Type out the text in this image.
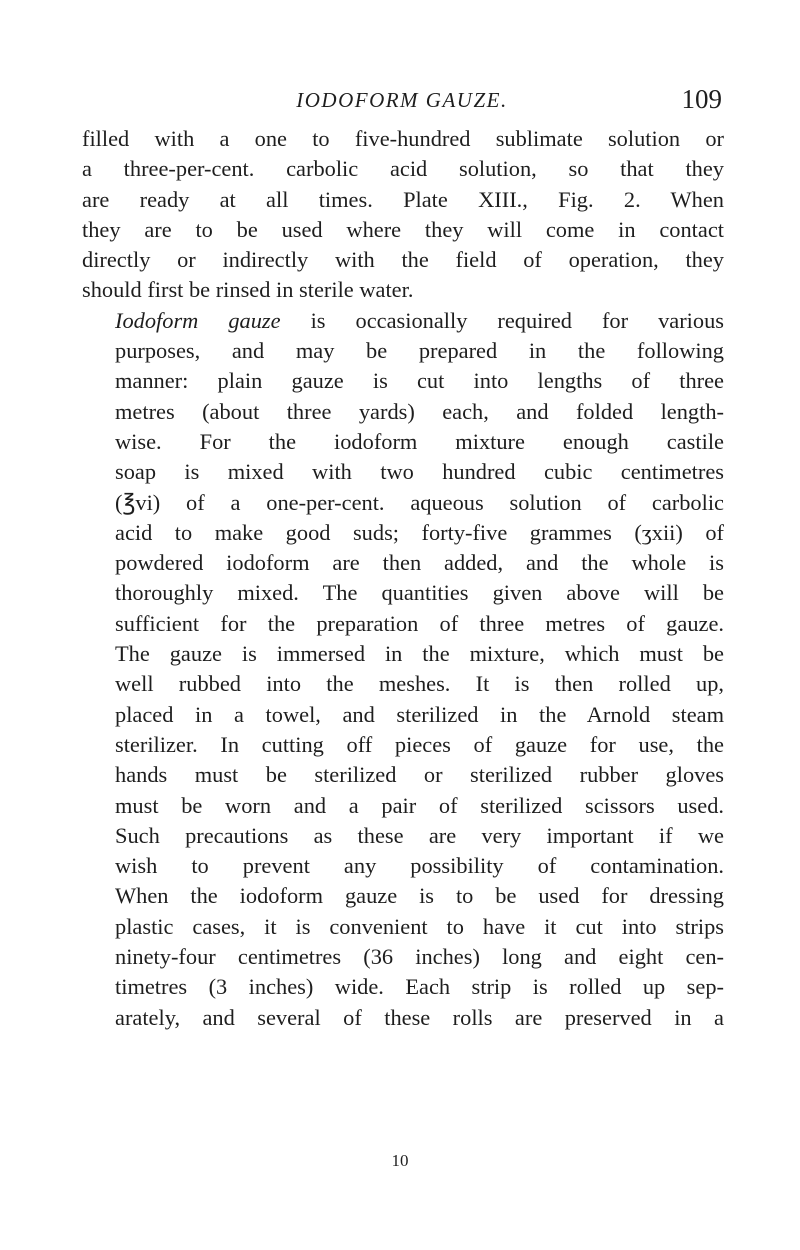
IODOFORM GAUZE.	109

filled with a one to five-hundred sublimate solution or
a three-per-cent. carbolic acid solution, so that they
are ready at all times. Plate XIII., Fig. 2. When
they are to be used where they will come in contact
directly or indirectly with the field of operation, they
should first be rinsed in sterile water.

Iodoform gauze is occasionally required for various
purposes, and may be prepared in the following
manner: plain gauze is cut into lengths of three
metres (about three yards) each, and folded length-
wise. For the iodoform mixture enough castile
soap is mixed with two hundred cubic centimetres
(℥vi) of a one-per-cent. aqueous solution of carbolic
acid to make good suds; forty-five grammes (ʒxii) of
powdered iodoform are then added, and the whole is
thoroughly mixed. The quantities given above will be
sufficient for the preparation of three metres of gauze.
The gauze is immersed in the mixture, which must be
well rubbed into the meshes. It is then rolled up,
placed in a towel, and sterilized in the Arnold steam
sterilizer. In cutting off pieces of gauze for use, the
hands must be sterilized or sterilized rubber gloves
must be worn and a pair of sterilized scissors used.
Such precautions as these are very important if we
wish to prevent any possibility of contamination.
When the iodoform gauze is to be used for dressing
plastic cases, it is convenient to have it cut into strips
ninety-four centimetres (36 inches) long and eight cen-
timetres (3 inches) wide. Each strip is rolled up sep-
arately, and several of these rolls are preserved in a

10
